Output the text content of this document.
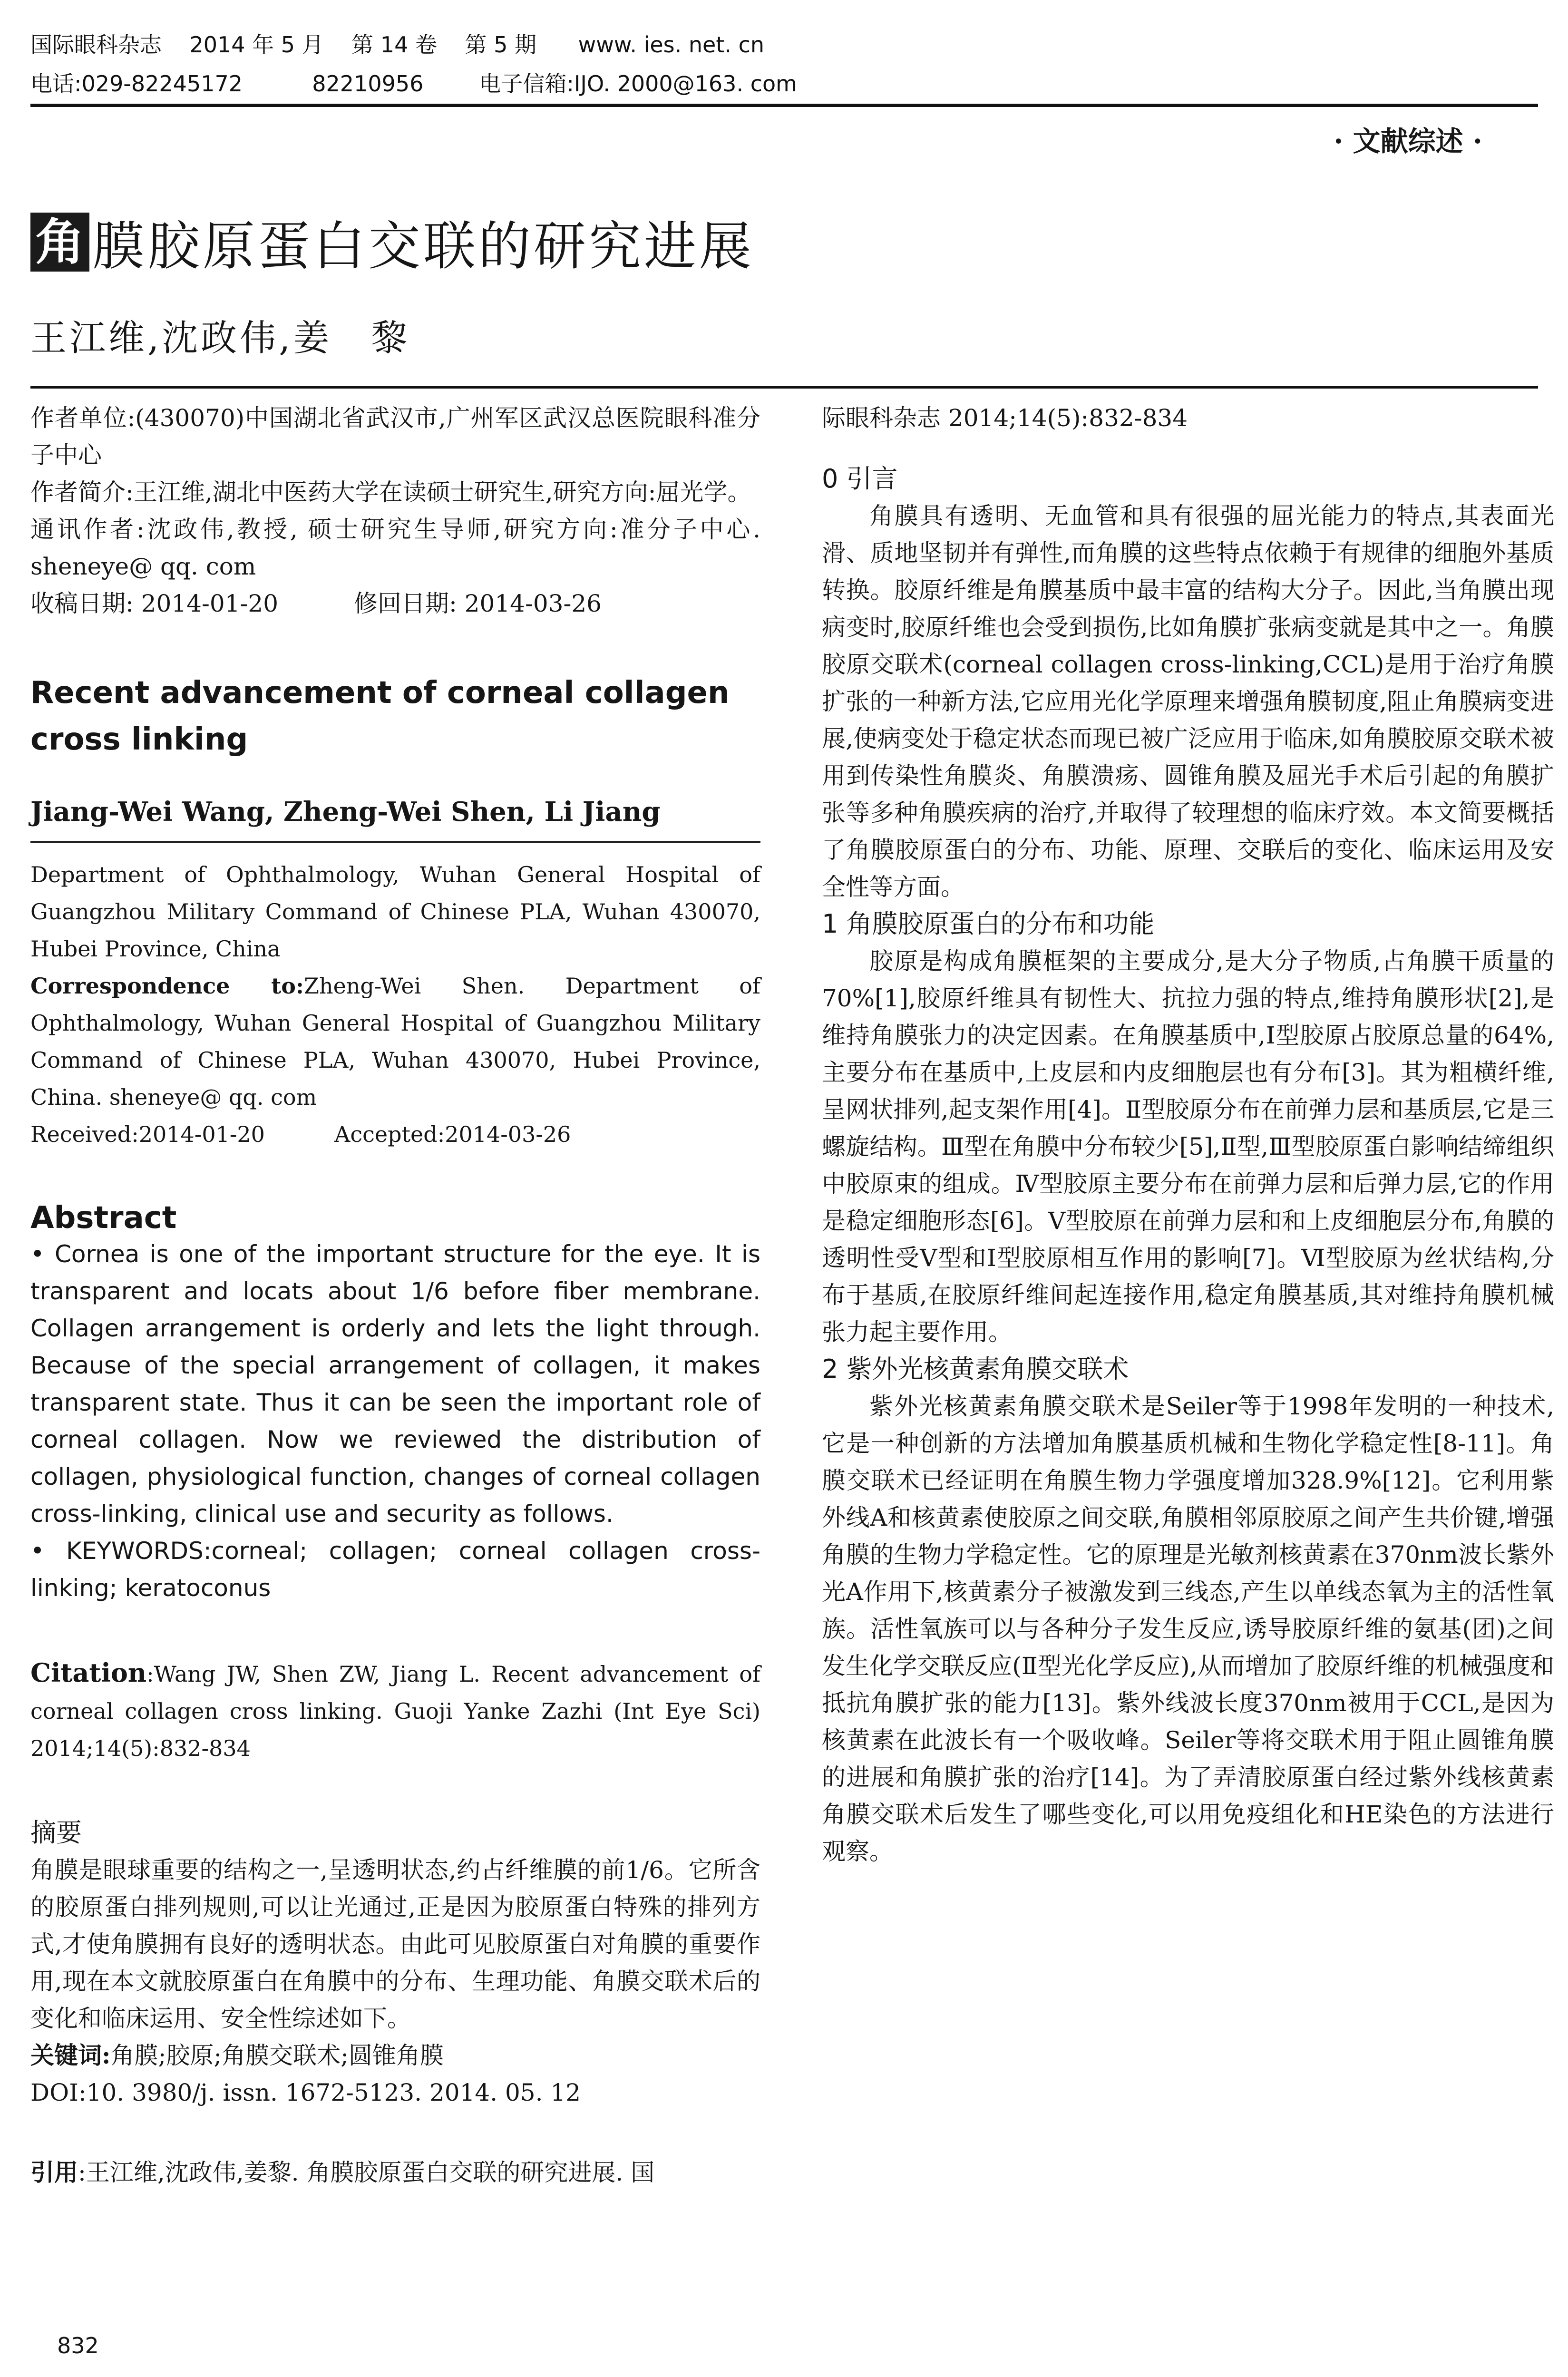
国际眼科杂志    2014 年 5 月    第 14 卷    第 5 期      www. ies. net. cn
电话:029-82245172          82210956        电子信箱:IJO. 2000@163. com
· 文献综述 ·
角 膜胶原蛋白交联的研究进展
王江维,沈政伟,姜　黎

作者单位:(430070)中国湖北省武汉市,广州军区武汉总医院眼科准分子中心

作者简介:王江维,湖北中医药大学在读硕士研究生,研究方向:屈光学。

通讯作者:沈政伟,教授, 硕士研究生导师,研究方向:准分子中心. sheneye@ qq. com

收稿日期: 2014-01-20          修回日期: 2014-03-26

Recent advancement of corneal collagen cross linking

Jiang-Wei Wang, Zheng-Wei Shen, Li Jiang

Department of Ophthalmology, Wuhan General Hospital of Guangzhou Military Command of Chinese PLA, Wuhan 430070, Hubei Province, China

Correspondence to:Zheng-Wei Shen. Department of Ophthalmology, Wuhan General Hospital of Guangzhou Military Command of Chinese PLA, Wuhan 430070, Hubei Province, China. sheneye@ qq. com

Received:2014-01-20          Accepted:2014-03-26

Abstract

• Cornea is one of the important structure for the eye. It is transparent and locats about 1/6 before fiber membrane. Collagen arrangement is orderly and lets the light through. Because of the special arrangement of collagen, it makes transparent state. Thus it can be seen the important role of corneal collagen. Now we reviewed the distribution of collagen, physiological function, changes of corneal collagen cross-linking, clinical use and security as follows.

• KEYWORDS:corneal; collagen; corneal collagen cross-linking; keratoconus

Citation:Wang JW, Shen ZW, Jiang L. Recent advancement of corneal collagen cross linking. Guoji Yanke Zazhi (Int Eye Sci) 2014;14(5):832-834

摘要

角膜是眼球重要的结构之一,呈透明状态,约占纤维膜的前1/6。它所含的胶原蛋白排列规则,可以让光通过,正是因为胶原蛋白特殊的排列方式,才使角膜拥有良好的透明状态。由此可见胶原蛋白对角膜的重要作用,现在本文就胶原蛋白在角膜中的分布、生理功能、角膜交联术后的变化和临床运用、安全性综述如下。

关键词:角膜;胶原;角膜交联术;圆锥角膜

DOI:10. 3980/j. issn. 1672-5123. 2014. 05. 12

引用:王江维,沈政伟,姜黎. 角膜胶原蛋白交联的研究进展. 国

际眼科杂志 2014;14(5):832-834

0 引言

角膜具有透明、无血管和具有很强的屈光能力的特点,其表面光滑、质地坚韧并有弹性,而角膜的这些特点依赖于有规律的细胞外基质转换。胶原纤维是角膜基质中最丰富的结构大分子。因此,当角膜出现病变时,胶原纤维也会受到损伤,比如角膜扩张病变就是其中之一。角膜胶原交联术(corneal collagen cross-linking,CCL)是用于治疗角膜扩张的一种新方法,它应用光化学原理来增强角膜韧度,阻止角膜病变进展,使病变处于稳定状态而现已被广泛应用于临床,如角膜胶原交联术被用到传染性角膜炎、角膜溃疡、圆锥角膜及屈光手术后引起的角膜扩张等多种角膜疾病的治疗,并取得了较理想的临床疗效。本文简要概括了角膜胶原蛋白的分布、功能、原理、交联后的变化、临床运用及安全性等方面。

1 角膜胶原蛋白的分布和功能

胶原是构成角膜框架的主要成分,是大分子物质,占角膜干质量的70%[1],胶原纤维具有韧性大、抗拉力强的特点,维持角膜形状[2],是维持角膜张力的决定因素。在角膜基质中,Ⅰ型胶原占胶原总量的64%,主要分布在基质中,上皮层和内皮细胞层也有分布[3]。其为粗横纤维,呈网状排列,起支架作用[4]。Ⅱ型胶原分布在前弹力层和基质层,它是三螺旋结构。Ⅲ型在角膜中分布较少[5],Ⅱ型,Ⅲ型胶原蛋白影响结缔组织中胶原束的组成。Ⅳ型胶原主要分布在前弹力层和后弹力层,它的作用是稳定细胞形态[6]。Ⅴ型胶原在前弹力层和和上皮细胞层分布,角膜的透明性受Ⅴ型和Ⅰ型胶原相互作用的影响[7]。Ⅵ型胶原为丝状结构,分布于基质,在胶原纤维间起连接作用,稳定角膜基质,其对维持角膜机械张力起主要作用。

2 紫外光核黄素角膜交联术

紫外光核黄素角膜交联术是Seiler等于1998年发明的一种技术,它是一种创新的方法增加角膜基质机械和生物化学稳定性[8-11]。角膜交联术已经证明在角膜生物力学强度增加328.9%[12]。它利用紫外线A和核黄素使胶原之间交联,角膜相邻原胶原之间产生共价键,增强角膜的生物力学稳定性。它的原理是光敏剂核黄素在370nm波长紫外光A作用下,核黄素分子被激发到三线态,产生以单线态氧为主的活性氧族。活性氧族可以与各种分子发生反应,诱导胶原纤维的氨基(团)之间发生化学交联反应(Ⅱ型光化学反应),从而增加了胶原纤维的机械强度和抵抗角膜扩张的能力[13]。紫外线波长度370nm被用于CCL,是因为核黄素在此波长有一个吸收峰。Seiler等将交联术用于阻止圆锥角膜的进展和角膜扩张的治疗[14]。为了弄清胶原蛋白经过紫外线核黄素角膜交联术后发生了哪些变化,可以用免疫组化和HE染色的方法进行观察。

832
